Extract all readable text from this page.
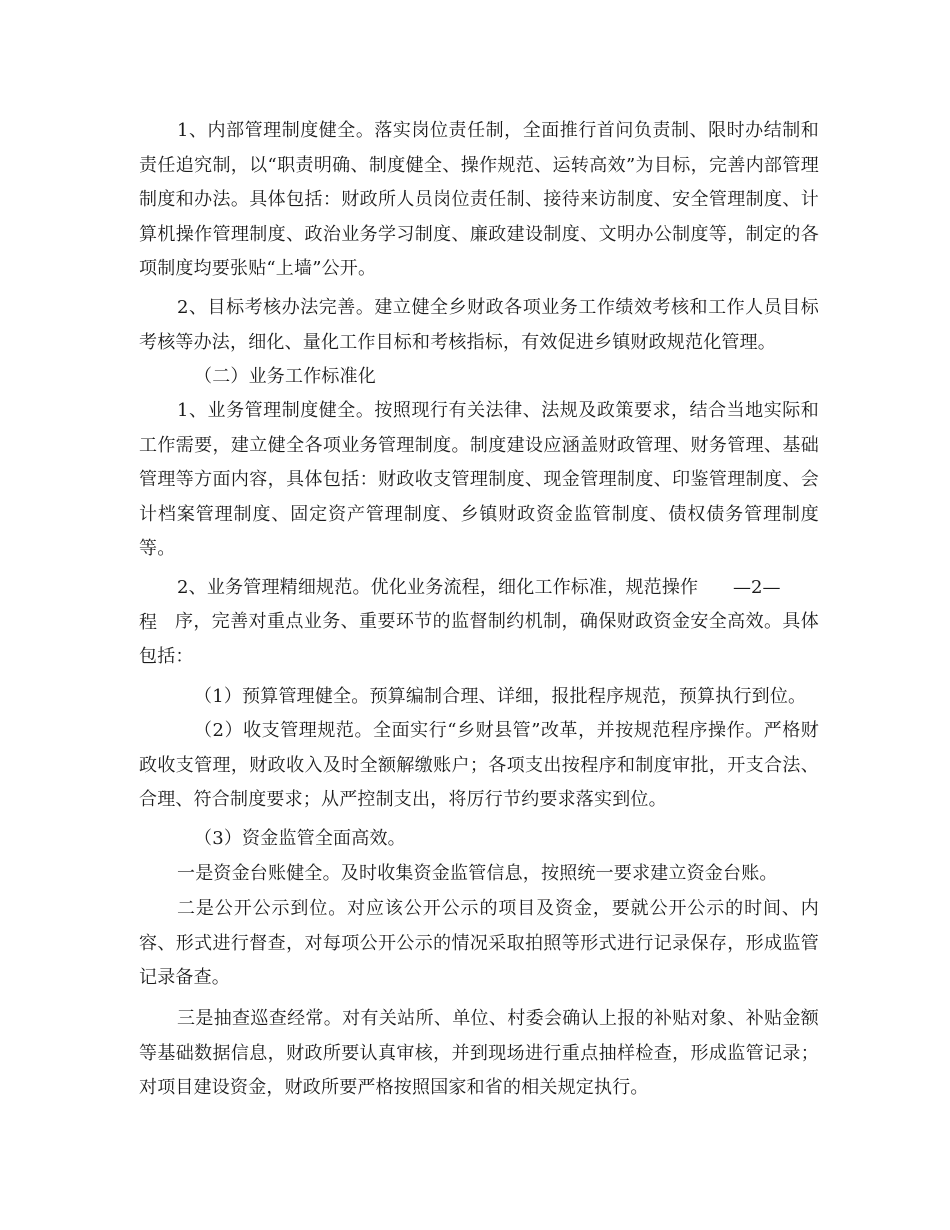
1、内部管理制度健全。落实岗位责任制，全面推行首问负责制、限时办结制和责任追究制，以“职责明确、制度健全、操作规范、运转高效”为目标，完善内部管理制度和办法。具体包括：财政所人员岗位责任制、接待来访制度、安全管理制度、计算机操作管理制度、政治业务学习制度、廉政建设制度、文明办公制度等，制定的各项制度均要张贴“上墙”公开。

2、目标考核办法完善。建立健全乡财政各项业务工作绩效考核和工作人员目标考核等办法，细化、量化工作目标和考核指标，有效促进乡镇财政规范化管理。

（二）业务工作标准化

1、业务管理制度健全。按照现行有关法律、法规及政策要求，结合当地实际和工作需要，建立健全各项业务管理制度。制度建设应涵盖财政管理、财务管理、基础管理等方面内容，具体包括：财政收支管理制度、现金管理制度、印鉴管理制度、会计档案管理制度、固定资产管理制度、乡镇财政资金监管制度、债权债务管理制度等。

2、业务管理精细规范。优化业务流程，细化工作标准，规范操作程
—2—

序，完善对重点业务、重要环节的监督制约机制，确保财政资金安全高效。具体包括：

（1）预算管理健全。预算编制合理、详细，报批程序规范，预算执行到位。

（2）收支管理规范。全面实行“乡财县管”改革，并按规范程序操作。严格财政收支管理，财政收入及时全额解缴账户；各项支出按程序和制度审批，开支合法、合理、符合制度要求；从严控制支出，将厉行节约要求落实到位。

（3）资金监管全面高效。

一是资金台账健全。及时收集资金监管信息，按照统一要求建立资金台账。

二是公开公示到位。对应该公开公示的项目及资金，要就公开公示的时间、内容、形式进行督查，对每项公开公示的情况采取拍照等形式进行记录保存，形成监管记录备查。

三是抽查巡查经常。对有关站所、单位、村委会确认上报的补贴对象、补贴金额等基础数据信息，财政所要认真审核，并到现场进行重点抽样检查，形成监管记录；对项目建设资金，财政所要严格按照国家和省的相关规定执行。
